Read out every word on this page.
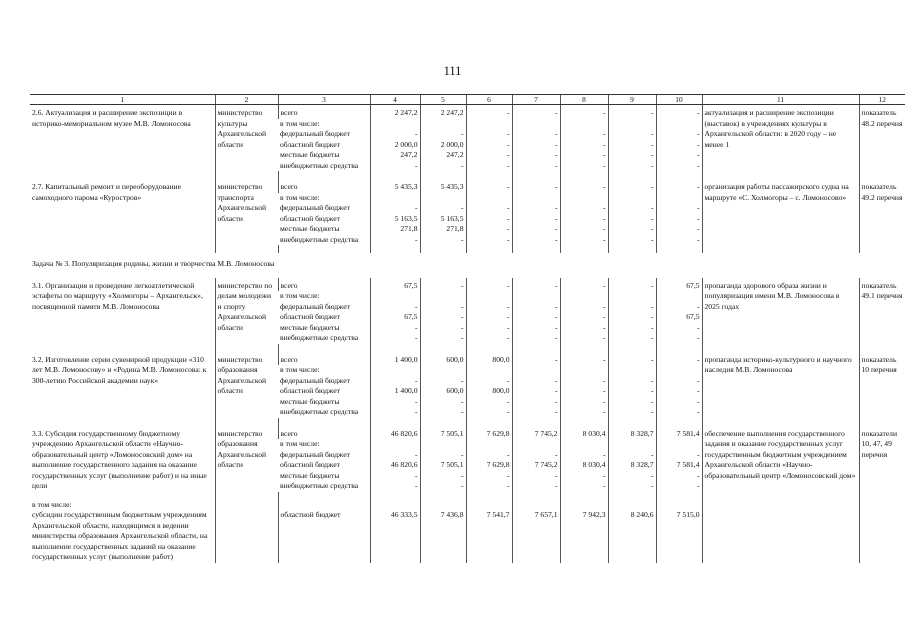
111
1	2	3	4	5	6	7	8	9	10	11	12
2.6. Актуализация и расширение экспозиции в историко-мемориальном музее М.В. Ломоносова	министерство культуры Архангельской области	всего	2 247,2	2 247,2	-	-	-	-	-	актуализация и расширение экспозиции (выставок) в учреждениях культуры в Архангельской области: в 2020 году – не менее 1	показатель 48.2 перечня
		в том числе:									
		федеральный бюджет	-	-	-	-	-	-	-		
		областной бюджет	2 000,0	2 000,0	-	-	-	-	-		
		местные бюджеты	247,2	247,2	-	-	-	-	-		
		внебюджетные средства	-	-	-	-	-	-	-		

2.7. Капитальный ремонт и переоборудование самоходного парома «Куростров»	министерство транспорта Архангельской области	всего	5 435,3	5 435,3	-	-	-	-	-	организация работы пассажирского судна на маршруте «С. Холмогоры – с. Ломоносово»	показатель 49.2 перечня
		в том числе:									
		федеральный бюджет	-	-	-	-	-	-	-		
		областной бюджет	5 163,5	5 163,5	-	-	-	-	-		
		местные бюджеты	271,8	271,8	-	-	-	-	-		
		внебюджетные средства	-	-	-	-	-	-	-		

Задача № 3. Популяризация родины, жизни и творчества М.В. Ломоносова											
3.1. Организация и проведение легкоатлетической эстафеты по маршруту «Холмогоры – Архангельск», посвященной памяти М.В. Ломоносова	министерство по делам молодежи и спорту Архангельской области	всего	67,5	-	-	-	-	-	67,5	пропаганда здорового образа жизни и популяризация имени М.В. Ломоносова в 2025 годах	показатель 49.1 перечня
		в том числе:									
		федеральный бюджет	-	-	-	-	-	-	-		
		областной бюджет	67,5	-	-	-	-	-	67,5		
		местные бюджеты	-	-	-	-	-	-	-		
		внебюджетные средства	-	-	-	-	-	-	-		

3.2. Изготовление серии сувенирной продукции «310 лет М.В. Ломоносову» и «Родина М.В. Ломоносова: к 300-летию Российской академии наук»	министерство образования Архангельской области	всего	1 400,0	600,0	800,0	-	-	-	-	пропаганда историко-культурного и научного наследия М.В. Ломоносова	показатель 10 перечня
		в том числе:									
		федеральный бюджет	-	-	-	-	-	-	-		
		областной бюджет	1 400,0	600,0	800,0	-	-	-	-		
		местные бюджеты	-	-	-	-	-	-	-		
		внебюджетные средства	-	-	-	-	-	-	-		

3.3. Субсидия государственному бюджетному учреждению Архангельской области «Научно-образовательный центр «Ломоносовский дом» на выполнение государственного задания на оказание государственных услуг (выполнение работ) и на иные цели	министерство образования Архангельской области	всего	46 820,6	7 505,1	7 629,8	7 745,2	8 030,4	8 328,7	7 581,4	обеспечение выполнения государственного задания и оказание государственных услуг государственным бюджетным учреждением Архангельской области «Научно-образовательный центр «Ломоносовский дом»	показатели 10, 47, 49 перечня
		в том числе:									
		федеральный бюджет	-	-	-	-	-	-	-		
		областной бюджет	46 820,6	7 505,1	7 629,8	7 745,2	8 030,4	8 328,7	7 581,4		
		местные бюджеты	-	-	-	-	-	-	-		
		внебюджетные средства	-	-	-	-	-	-	-		

в том числе:
субсидии государственным бюджетным учреждениям Архангельской области, находящимся в ведении министерства образования Архангельской области, на выполнение государственных заданий на оказание государственных услуг (выполнение работ)		областной бюджет	46 333,5	7 436,8	7 541,7	7 657,1	7 942,3	8 240,6	7 515,0		
